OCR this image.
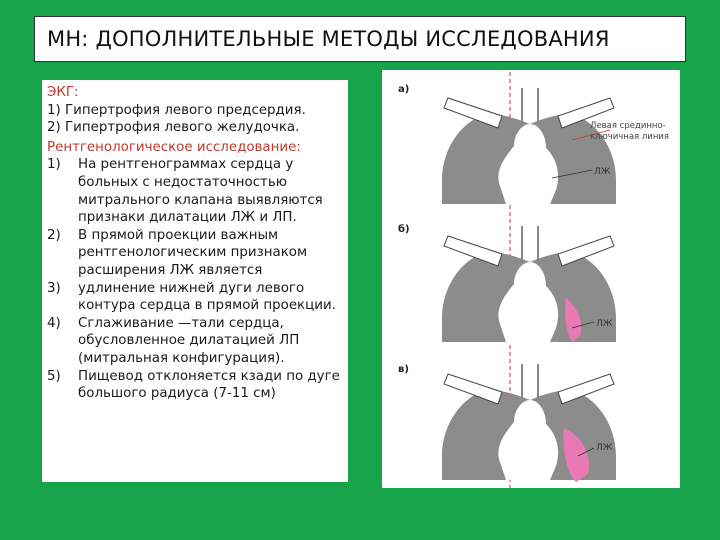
МН: ДОПОЛНИТЕЛЬНЫЕ МЕТОДЫ ИССЛЕДОВАНИЯ
ЭКГ:
1) Гипертрофия левого предсердия.
2) Гипертрофия левого желудочка.
Рентгенологическое исследование:
1) На рентгенограммах сердца у больных с недостаточностью митрального клапана выявляются признаки дилатации ЛЖ и ЛП.
2) В прямой проекции важным рентгенологическим признаком расширения ЛЖ является
3) удлинение нижней дуги левого контура сердца в прямой проекции.
4) Сглаживание —тали сердца, обусловленное дилатацией ЛП (митральная конфигурация).
5) Пищевод отклоняется кзади по дуге большого радиуса (7-11 см)
а)
Левая срединно-
ключичная линия
ЛЖ
б)
ЛЖ
в)
ЛЖ
